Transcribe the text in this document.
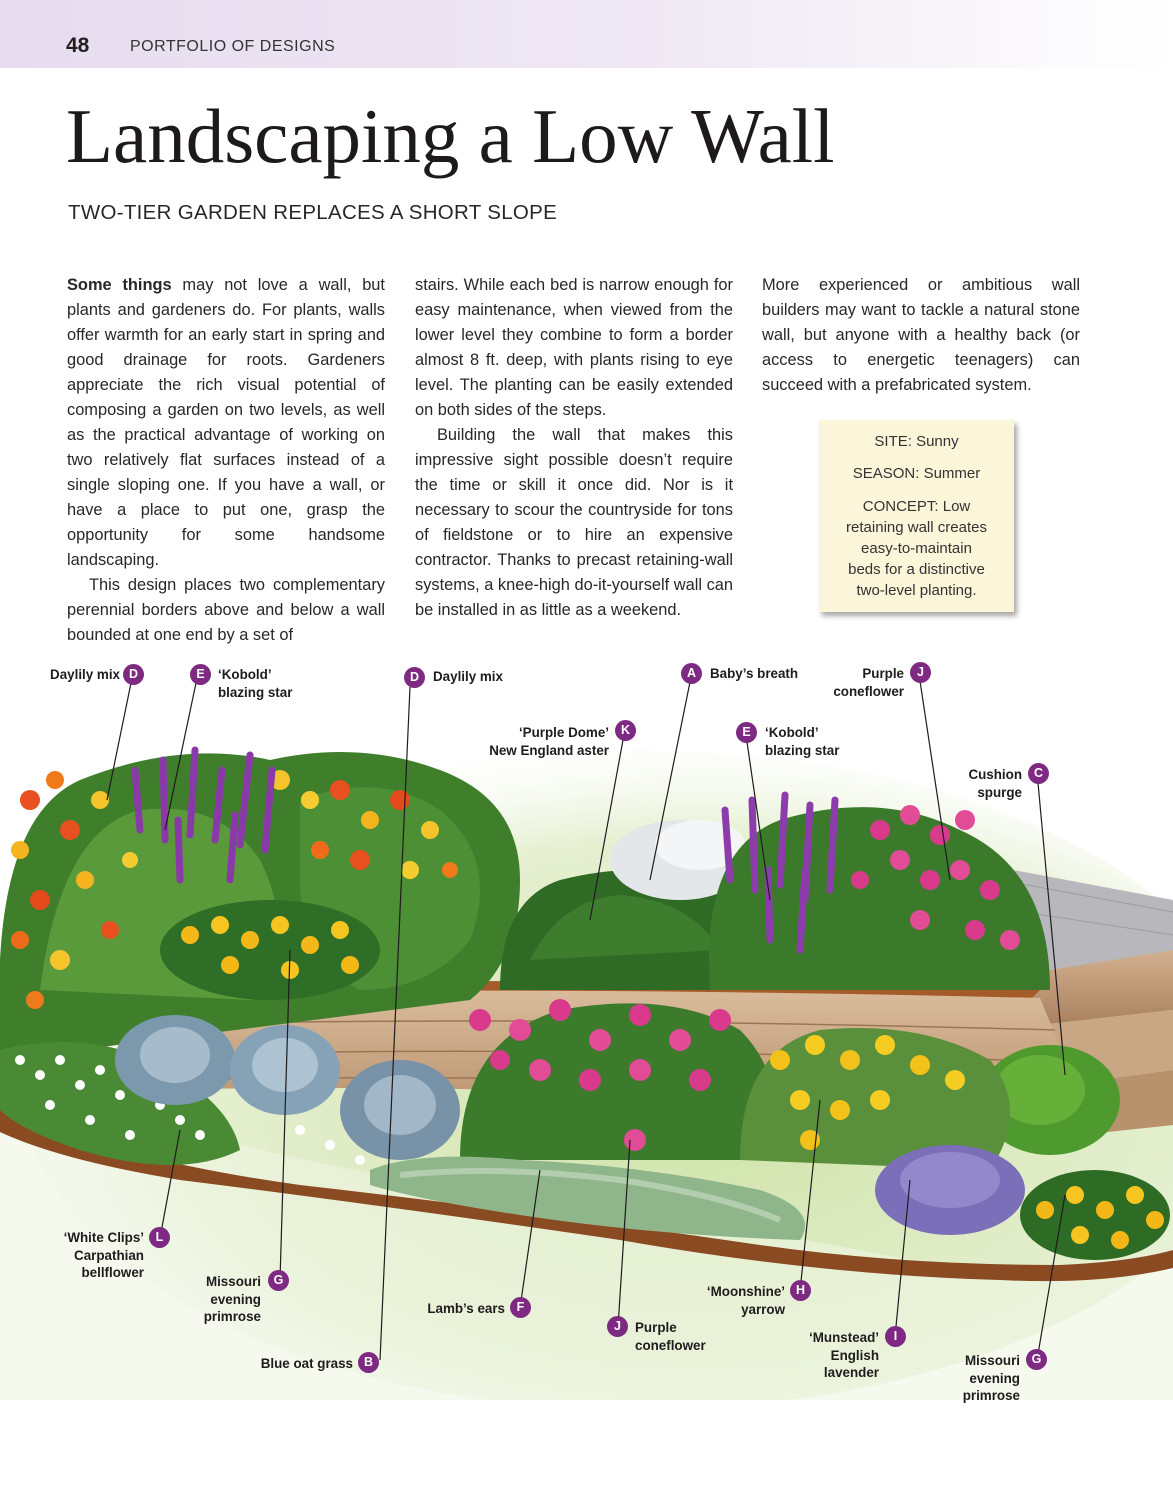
48	PORTFOLIO OF DESIGNS
Landscaping a Low Wall
TWO-TIER GARDEN REPLACES A SHORT SLOPE

Some things may not love a wall, but plants and gardeners do. For plants, walls offer warmth for an early start in spring and good drainage for roots. Gardeners appreciate the rich visual potential of composing a garden on two levels, as well as the practical advantage of working on two relatively flat surfaces instead of a single sloping one. If you have a wall, or have a place to put one, grasp the opportunity for some handsome landscaping.

This design places two complementary perennial borders above and below a wall bounded at one end by a set of

stairs. While each bed is narrow enough for easy maintenance, when viewed from the lower level they combine to form a border almost 8 ft. deep, with plants rising to eye level. The planting can be easily extended on both sides of the steps.

Building the wall that makes this impressive sight possible doesn’t require the time or skill it once did. Nor is it necessary to scour the countryside for tons of fieldstone or to hire an expensive contractor. Thanks to precast retaining-wall systems, a knee-high do-it-yourself wall can be installed in as little as a weekend.

More experienced or ambitious wall builders may want to tackle a natural stone wall, but anyone with a healthy back (or access to energetic teenagers) can succeed with a prefabricated system.

SITE: Sunny
SEASON: Summer
CONCEPT: Low
retaining wall creates
easy-to-maintain
beds for a distinctive
two-level planting.
Daylily mix D	E ‘Kobold’
blazing star
D	Daylily mix	A	Baby’s breath	Purple
coneflower
J
‘Purple Dome’
New England aster
K	E	‘Kobold’
blazing star
Cushion
spurge
C
‘White Clips’
Carpathian
bellflower
L
Missouri
evening
primrose
G
Lamb’s ears F
‘Moonshine’
yarrow
H
J	Purple
coneflower	‘Munstead’
English
lavender
I
Blue oat grass B	Missouri
evening
primrose
G
